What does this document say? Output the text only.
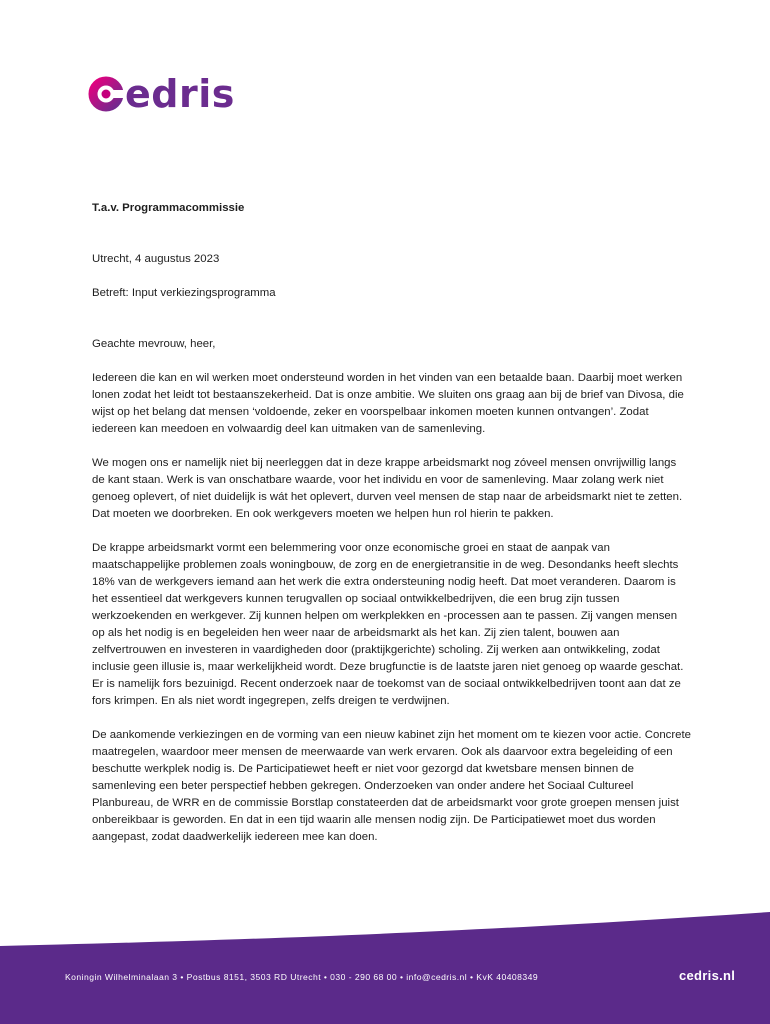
edris

T.a.v. Programmacommissie

Utrecht, 4 augustus 2023

Betreft: Input verkiezingsprogramma

Geachte mevrouw, heer,

Iedereen die kan en wil werken moet ondersteund worden in het vinden van een betaalde baan. Daarbij moet werken lonen zodat het leidt tot bestaanszekerheid. Dat is onze ambitie. We sluiten ons graag aan bij de brief van Divosa, die wijst op het belang dat mensen ‘voldoende, zeker en voorspelbaar inkomen moeten kunnen ontvangen’. Zodat iedereen kan meedoen en volwaardig deel kan uitmaken van de samenleving.

We mogen ons er namelijk niet bij neerleggen dat in deze krappe arbeidsmarkt nog zóveel mensen onvrijwillig langs de kant staan. Werk is van onschatbare waarde, voor het individu en voor de samenleving. Maar zolang werk niet genoeg oplevert, of niet duidelijk is wát het oplevert, durven veel mensen de stap naar de arbeidsmarkt niet te zetten. Dat moeten we doorbreken. En ook werkgevers moeten we helpen hun rol hierin te pakken.

De krappe arbeidsmarkt vormt een belemmering voor onze economische groei en staat de aanpak van maatschappelijke problemen zoals woningbouw, de zorg en de energietransitie in de weg. Desondanks heeft slechts 18% van de werkgevers iemand aan het werk die extra ondersteuning nodig heeft. Dat moet veranderen. Daarom is het essentieel dat werkgevers kunnen terugvallen op sociaal ontwikkelbedrijven, die een brug zijn tussen werkzoekenden en werkgever. Zij kunnen helpen om werkplekken en -processen aan te passen. Zij vangen mensen op als het nodig is en begeleiden hen weer naar de arbeidsmarkt als het kan. Zij zien talent, bouwen aan zelfvertrouwen en investeren in vaardigheden door (praktijkgerichte) scholing. Zij werken aan ontwikkeling, zodat inclusie geen illusie is, maar werkelijkheid wordt. Deze brugfunctie is de laatste jaren niet genoeg op waarde geschat. Er is namelijk fors bezuinigd. Recent onderzoek naar de toekomst van de sociaal ontwikkelbedrijven toont aan dat ze fors krimpen. En als niet wordt ingegrepen, zelfs dreigen te verdwijnen.

De aankomende verkiezingen en de vorming van een nieuw kabinet zijn het moment om te kiezen voor actie. Concrete maatregelen, waardoor meer mensen de meerwaarde van werk ervaren. Ook als daarvoor extra begeleiding of een beschutte werkplek nodig is. De Participatiewet heeft er niet voor gezorgd dat kwetsbare mensen binnen de samenleving een beter perspectief hebben gekregen. Onderzoeken van onder andere het Sociaal Cultureel Planbureau, de WRR en de commissie Borstlap constateerden dat de arbeidsmarkt voor grote groepen mensen juist onbereikbaar is geworden. En dat in een tijd waarin alle mensen nodig zijn. De Participatiewet moet dus worden aangepast, zodat daadwerkelijk iedereen mee kan doen.

Koningin Wilhelminalaan 3 • Postbus 8151, 3503 RD Utrecht • 030 - 290 68 00 • info@cedris.nl • KvK 40408349	cedris.nl
